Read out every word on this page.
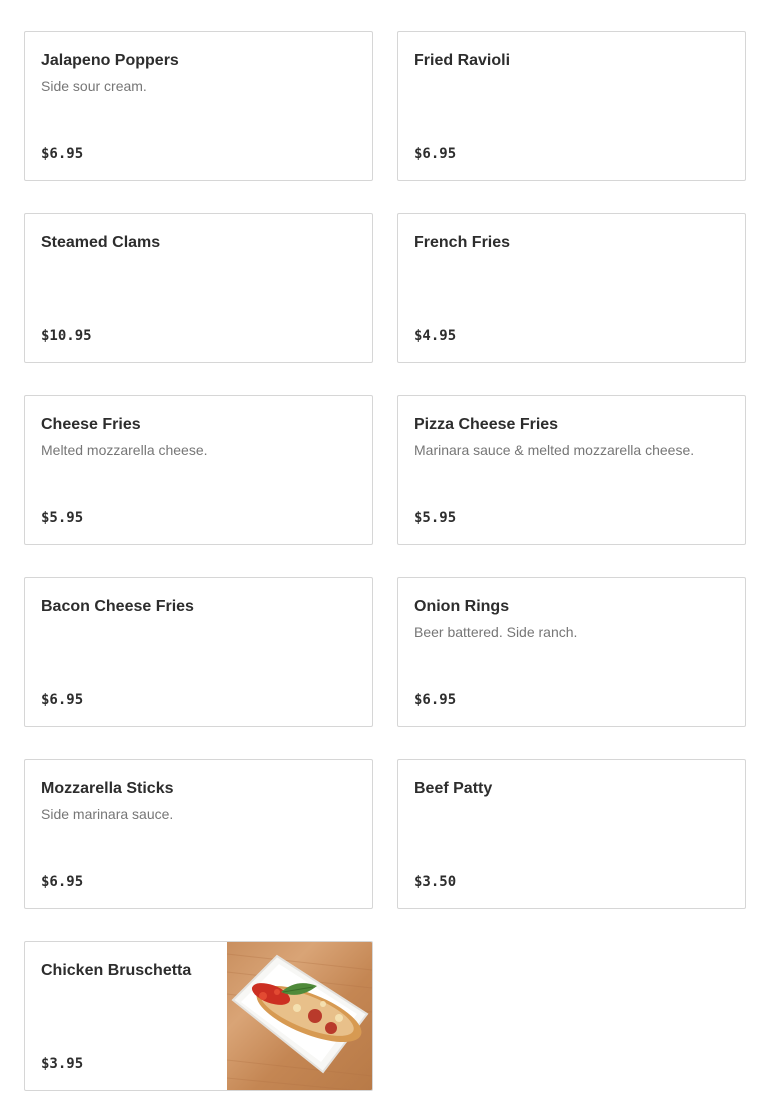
Jalapeno Poppers
Side sour cream.
$6.95
Fried Ravioli
$6.95
Steamed Clams
$10.95
French Fries
$4.95
Cheese Fries
Melted mozzarella cheese.
$5.95
Pizza Cheese Fries
Marinara sauce & melted mozzarella cheese.
$5.95
Bacon Cheese Fries
$6.95
Onion Rings
Beer battered. Side ranch.
$6.95
Mozzarella Sticks
Side marinara sauce.
$6.95
Beef Patty
$3.50
Chicken Bruschetta
$3.95
